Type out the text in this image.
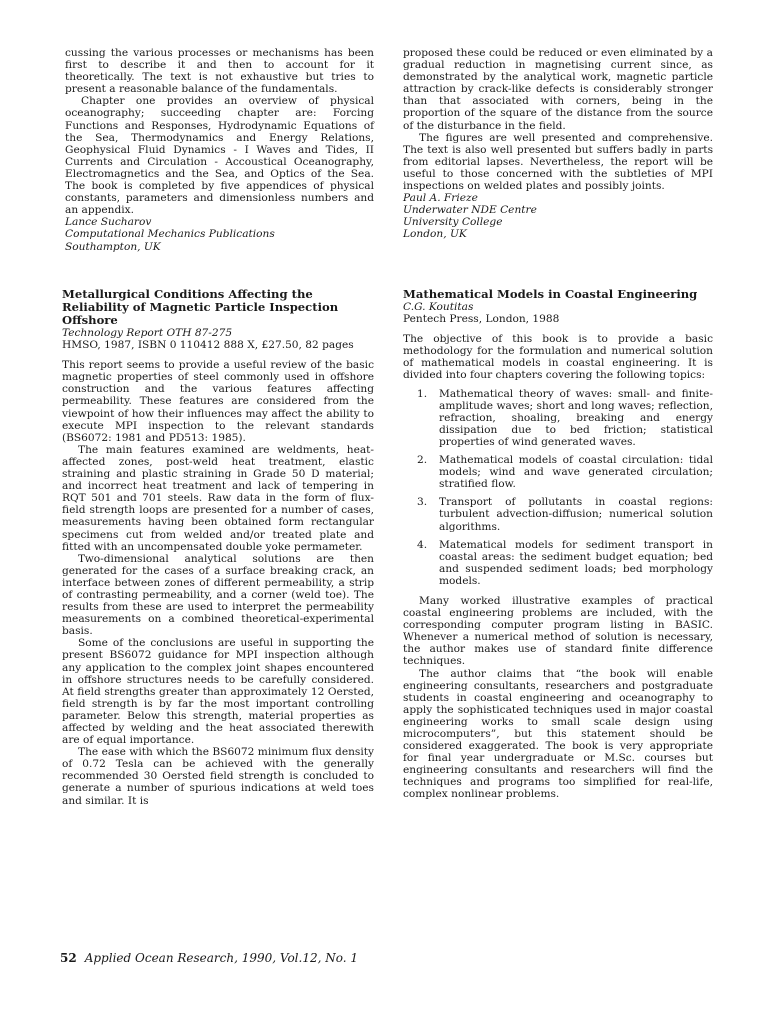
cussing the various processes or mechanisms has been first to describe it and then to account for it theoretically. The text is not exhaustive but tries to present a reasonable balance of the fundamentals.

Chapter one provides an overview of physical oceanography; succeeding chapter are: Forcing Functions and Responses, Hydrodynamic Equations of the Sea, Thermodynamics and Energy Relations, Geophysical Fluid Dynamics - I Waves and Tides, II Currents and Circulation - Accoustical Oceanography, Electromagnetics and the Sea, and Optics of the Sea. The book is completed by five appendices of physical constants, parameters and dimensionless numbers and an appendix.

Lance Sucharov

Computational Mechanics Publications

Southampton, UK

Metallurgical Conditions Affecting the Reliability of Magnetic Particle Inspection Offshore

Technology Report OTH 87-275

HMSO, 1987, ISBN 0 110412 888 X, £27.50, 82 pages

This report seems to provide a useful review of the basic magnetic properties of steel commonly used in offshore construction and the various features affecting permeability. These features are considered from the viewpoint of how their influences may affect the ability to execute MPI inspection to the relevant standards (BS6072: 1981 and PD513: 1985).

The main features examined are weldments, heat-affected zones, post-weld heat treatment, elastic straining and plastic straining in Grade 50 D material; and incorrect heat treatment and lack of tempering in RQT 501 and 701 steels. Raw data in the form of flux-field strength loops are presented for a number of cases, measurements having been obtained form rectangular specimens cut from welded and/or treated plate and fitted with an uncompensated double yoke permameter.

Two-dimensional analytical solutions are then generated for the cases of a surface breaking crack, an interface between zones of different permeability, a strip of contrasting permeability, and a corner (weld toe). The results from these are used to interpret the permeability measurements on a combined theoretical-experimental basis.

Some of the conclusions are useful in supporting the present BS6072 guidance for MPI inspection although any application to the complex joint shapes encountered in offshore structures needs to be carefully considered. At field strengths greater than approximately 12 Oersted, field strength is by far the most important controlling parameter. Below this strength, material properties as affected by welding and the heat associated therewith are of equal importance.

The ease with which the BS6072 minimum flux density of 0.72 Tesla can be achieved with the generally recommended 30 Oersted field strength is concluded to generate a number of spurious indications at weld toes and similar. It is

proposed these could be reduced or even eliminated by a gradual reduction in magnetising current since, as demonstrated by the analytical work, magnetic particle attraction by crack-like defects is considerably stronger than that associated with corners, being in the proportion of the square of the distance from the source of the disturbance in the field.

The figures are well presented and comprehensive. The text is also well presented but suffers badly in parts from editorial lapses. Nevertheless, the report will be useful to those concerned with the subtleties of MPI inspections on welded plates and possibly joints.

Paul A. Frieze

Underwater NDE Centre

University College

London, UK

Mathematical Models in Coastal Engineering

C.G. Koutitas

Pentech Press, London, 1988

The objective of this book is to provide a basic methodology for the formulation and numerical solution of mathematical models in coastal engineering. It is divided into four chapters covering the following topics:

1. Mathematical theory of waves: small- and finite-amplitude waves; short and long waves; reflection, refraction, shoaling, breaking and energy dissipation due to bed friction; statistical properties of wind generated waves.
2. Mathematical models of coastal circulation: tidal models; wind and wave generated circulation; stratified flow.
3. Transport of pollutants in coastal regions: turbulent advection-diffusion; numerical solution algorithms.
4. Matematical models for sediment transport in coastal areas: the sediment budget equation; bed and suspended sediment loads; bed morphology models.

Many worked illustrative examples of practical coastal engineering problems are included, with the corresponding computer program listing in BASIC. Whenever a numerical method of solution is necessary, the author makes use of standard finite difference techniques.

The author claims that “the book will enable engineering consultants, researchers and postgraduate students in coastal engineering and oceanography to apply the sophisticated techniques used in major coastal engineering works to small scale design using microcomputers”, but this statement should be considered exaggerated. The book is very appropriate for final year undergraduate or M.Sc. courses but engineering consultants and researchers will find the techniques and programs too simplified for real-life, complex nonlinear problems.

52 Applied Ocean Research, 1990, Vol.12, No. 1
